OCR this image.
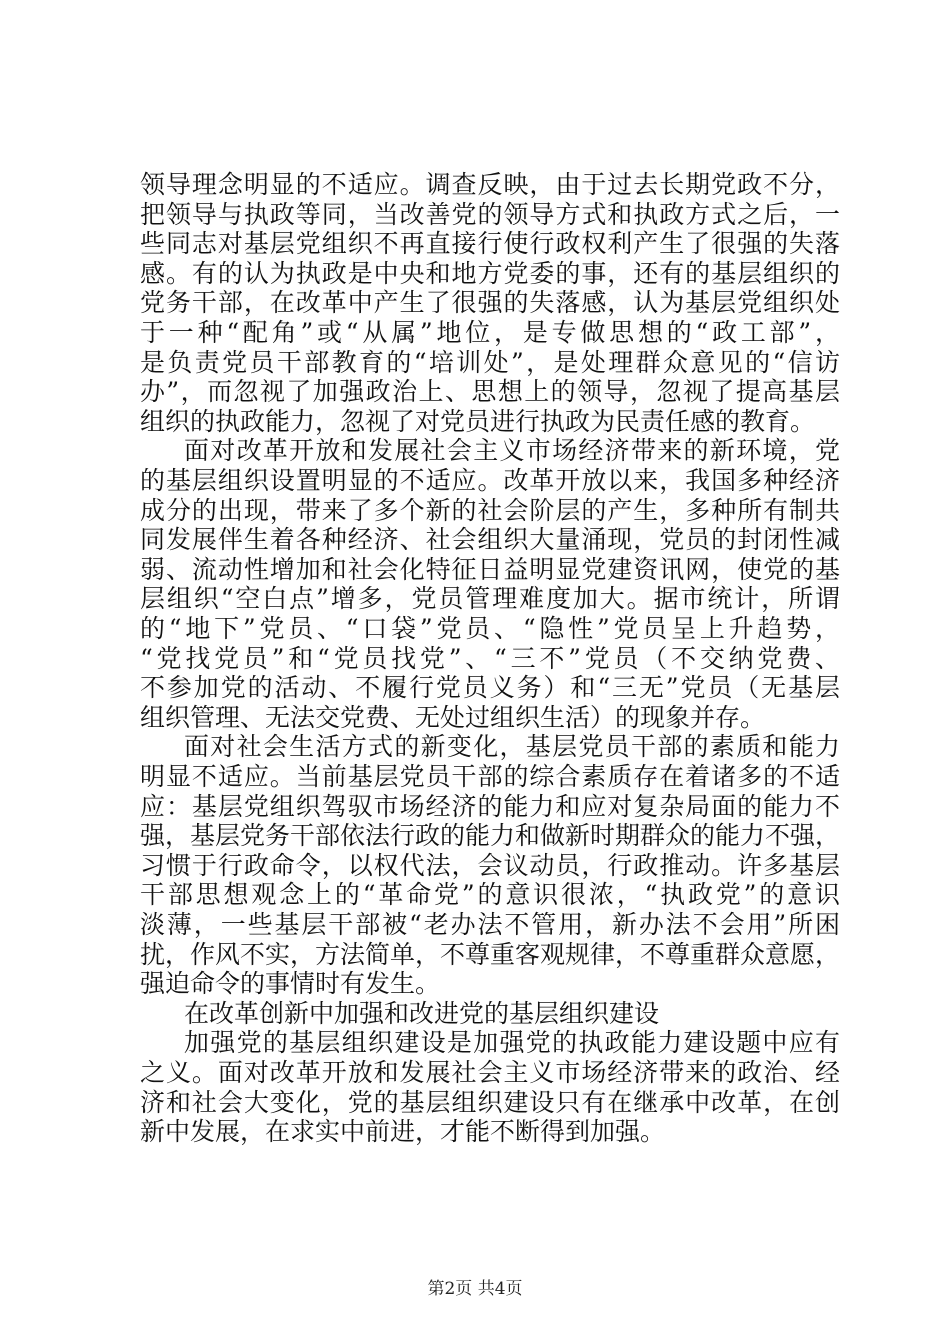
领导理念明显的不适应。调查反映，由于过去长期党政不分，
把领导与执政等同，当改善党的领导方式和执政方式之后，一
些同志对基层党组织不再直接行使行政权利产生了很强的失落
感。有的认为执政是中央和地方党委的事，还有的基层组织的
党务干部，在改革中产生了很强的失落感，认为基层党组织处
于一种“配角”或“从属”地位，是专做思想的“政工部”，
是负责党员干部教育的“培训处”，是处理群众意见的“信访
办”，而忽视了加强政治上、思想上的领导，忽视了提高基层
组织的执政能力，忽视了对党员进行执政为民责任感的教育。
面对改革开放和发展社会主义市场经济带来的新环境，党
的基层组织设置明显的不适应。改革开放以来，我国多种经济
成分的出现，带来了多个新的社会阶层的产生，多种所有制共
同发展伴生着各种经济、社会组织大量涌现，党员的封闭性减
弱、流动性增加和社会化特征日益明显党建资讯网，使党的基
层组织“空白点”增多，党员管理难度加大。据市统计，所谓
的“地下”党员、“口袋”党员、“隐性”党员呈上升趋势，
“党找党员”和“党员找党”、“三不”党员（不交纳党费、
不参加党的活动、不履行党员义务）和“三无”党员（无基层
组织管理、无法交党费、无处过组织生活）的现象并存。
面对社会生活方式的新变化，基层党员干部的素质和能力
明显不适应。当前基层党员干部的综合素质存在着诸多的不适
应：基层党组织驾驭市场经济的能力和应对复杂局面的能力不
强，基层党务干部依法行政的能力和做新时期群众的能力不强，
习惯于行政命令，以权代法，会议动员，行政推动。许多基层
干部思想观念上的“革命党”的意识很浓，“执政党”的意识
淡薄，一些基层干部被“老办法不管用，新办法不会用”所困
扰，作风不实，方法简单，不尊重客观规律，不尊重群众意愿，
强迫命令的事情时有发生。
在改革创新中加强和改进党的基层组织建设
加强党的基层组织建设是加强党的执政能力建设题中应有
之义。面对改革开放和发展社会主义市场经济带来的政治、经
济和社会大变化，党的基层组织建设只有在继承中改革，在创
新中发展，在求实中前进，才能不断得到加强。
第2页 共4页
